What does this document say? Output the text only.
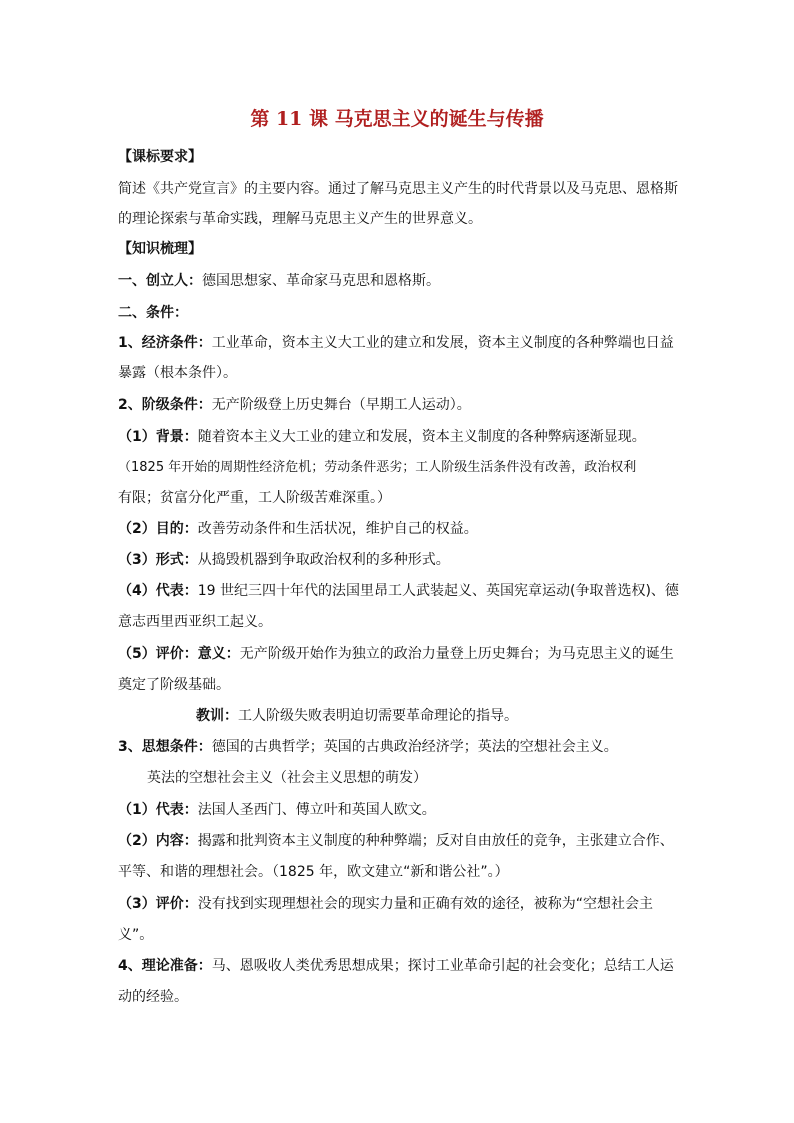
第 11 课 马克思主义的诞生与传播
【课标要求】
简述《共产党宣言》的主要内容。通过了解马克思主义产生的时代背景以及马克思、恩格斯
的理论探索与革命实践，理解马克思主义产生的世界意义。
【知识梳理】
一、创立人：德国思想家、革命家马克思和恩格斯。
二、条件：
1、经济条件：工业革命，资本主义大工业的建立和发展，资本主义制度的各种弊端也日益
暴露（根本条件）。
2、阶级条件：无产阶级登上历史舞台（早期工人运动）。
（1）背景：随着资本主义大工业的建立和发展，资本主义制度的各种弊病逐渐显现。
（1825 年开始的周期性经济危机；劳动条件恶劣；工人阶级生活条件没有改善，政治权利
有限；贫富分化严重，工人阶级苦难深重。）
（2）目的：改善劳动条件和生活状况，维护自己的权益。
（3）形式：从捣毁机器到争取政治权利的多种形式。
（4）代表：19 世纪三四十年代的法国里昂工人武装起义、英国宪章运动(争取普选权)、德
意志西里西亚织工起义。
（5）评价：意义：无产阶级开始作为独立的政治力量登上历史舞台；为马克思主义的诞生
奠定了阶级基础。
教训：工人阶级失败表明迫切需要革命理论的指导。
3、思想条件：德国的古典哲学；英国的古典政治经济学；英法的空想社会主义。
英法的空想社会主义（社会主义思想的萌发）
（1）代表：法国人圣西门、傅立叶和英国人欧文。
（2）内容：揭露和批判资本主义制度的种种弊端；反对自由放任的竞争，主张建立合作、
平等、和谐的理想社会。（1825 年，欧文建立“新和谐公社”。）
（3）评价：没有找到实现理想社会的现实力量和正确有效的途径，被称为“空想社会主
义”。
4、理论准备：马、恩吸收人类优秀思想成果；探讨工业革命引起的社会变化；总结工人运
动的经验。
